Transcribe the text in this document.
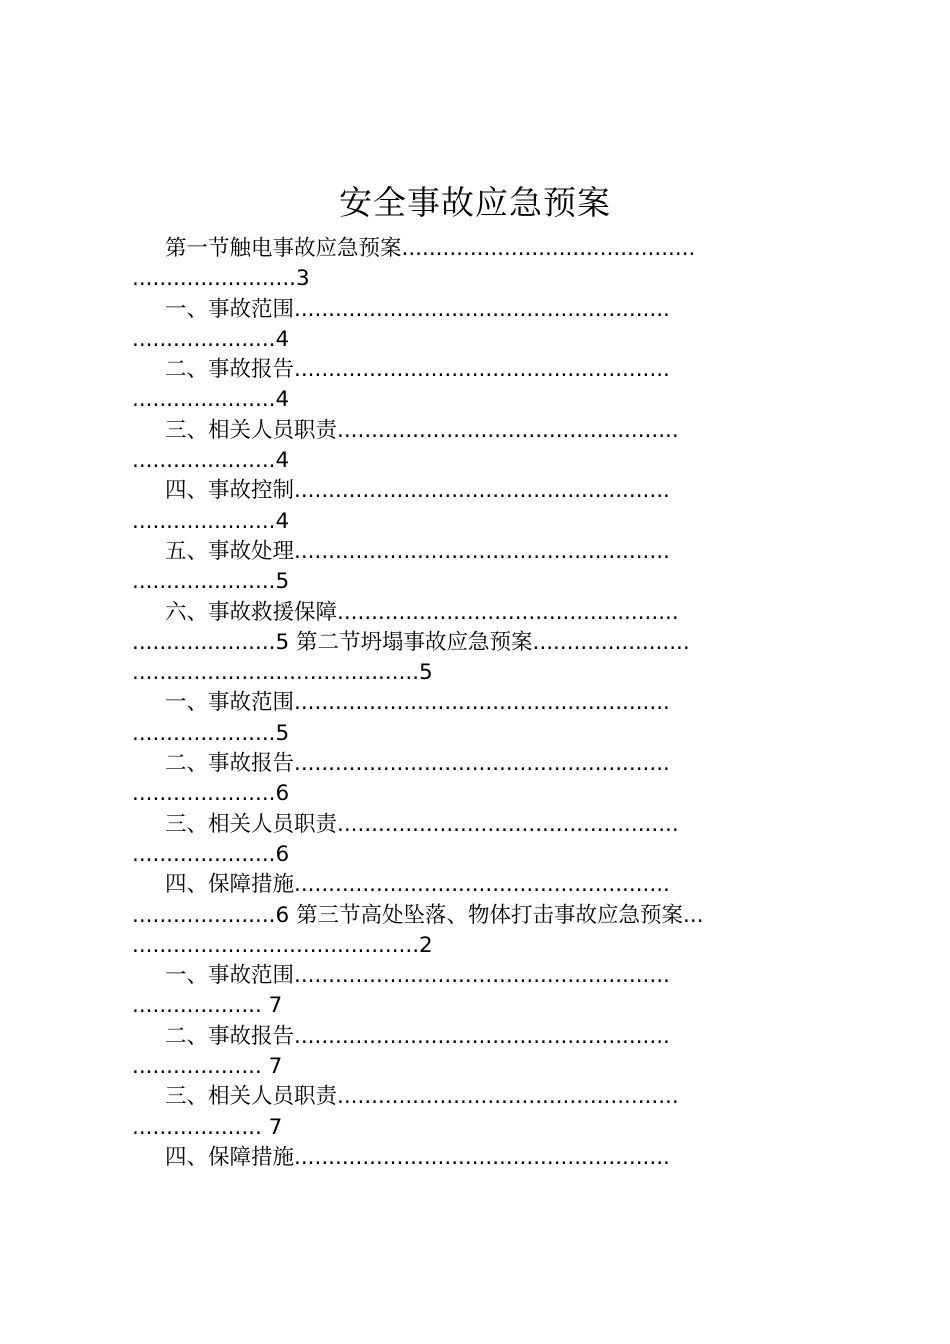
安全事故应急预案
第一节触电事故应急预案...........................................
........................3
一、事故范围.......................................................
.....................4
二、事故报告.......................................................
.....................4
三、相关人员职责..................................................
.....................4
四、事故控制.......................................................
.....................4
五、事故处理.......................................................
.....................5
六、事故救援保障..................................................
.....................5 第二节坍塌事故应急预案.......................
..........................................5
一、事故范围.......................................................
.....................5
二、事故报告.......................................................
.....................6
三、相关人员职责..................................................
.....................6
四、保障措施.......................................................
.....................6 第三节高处坠落、物体打击事故应急预案...
..........................................2
一、事故范围.......................................................
................... 7
二、事故报告.......................................................
................... 7
三、相关人员职责..................................................
................... 7
四、保障措施.......................................................
